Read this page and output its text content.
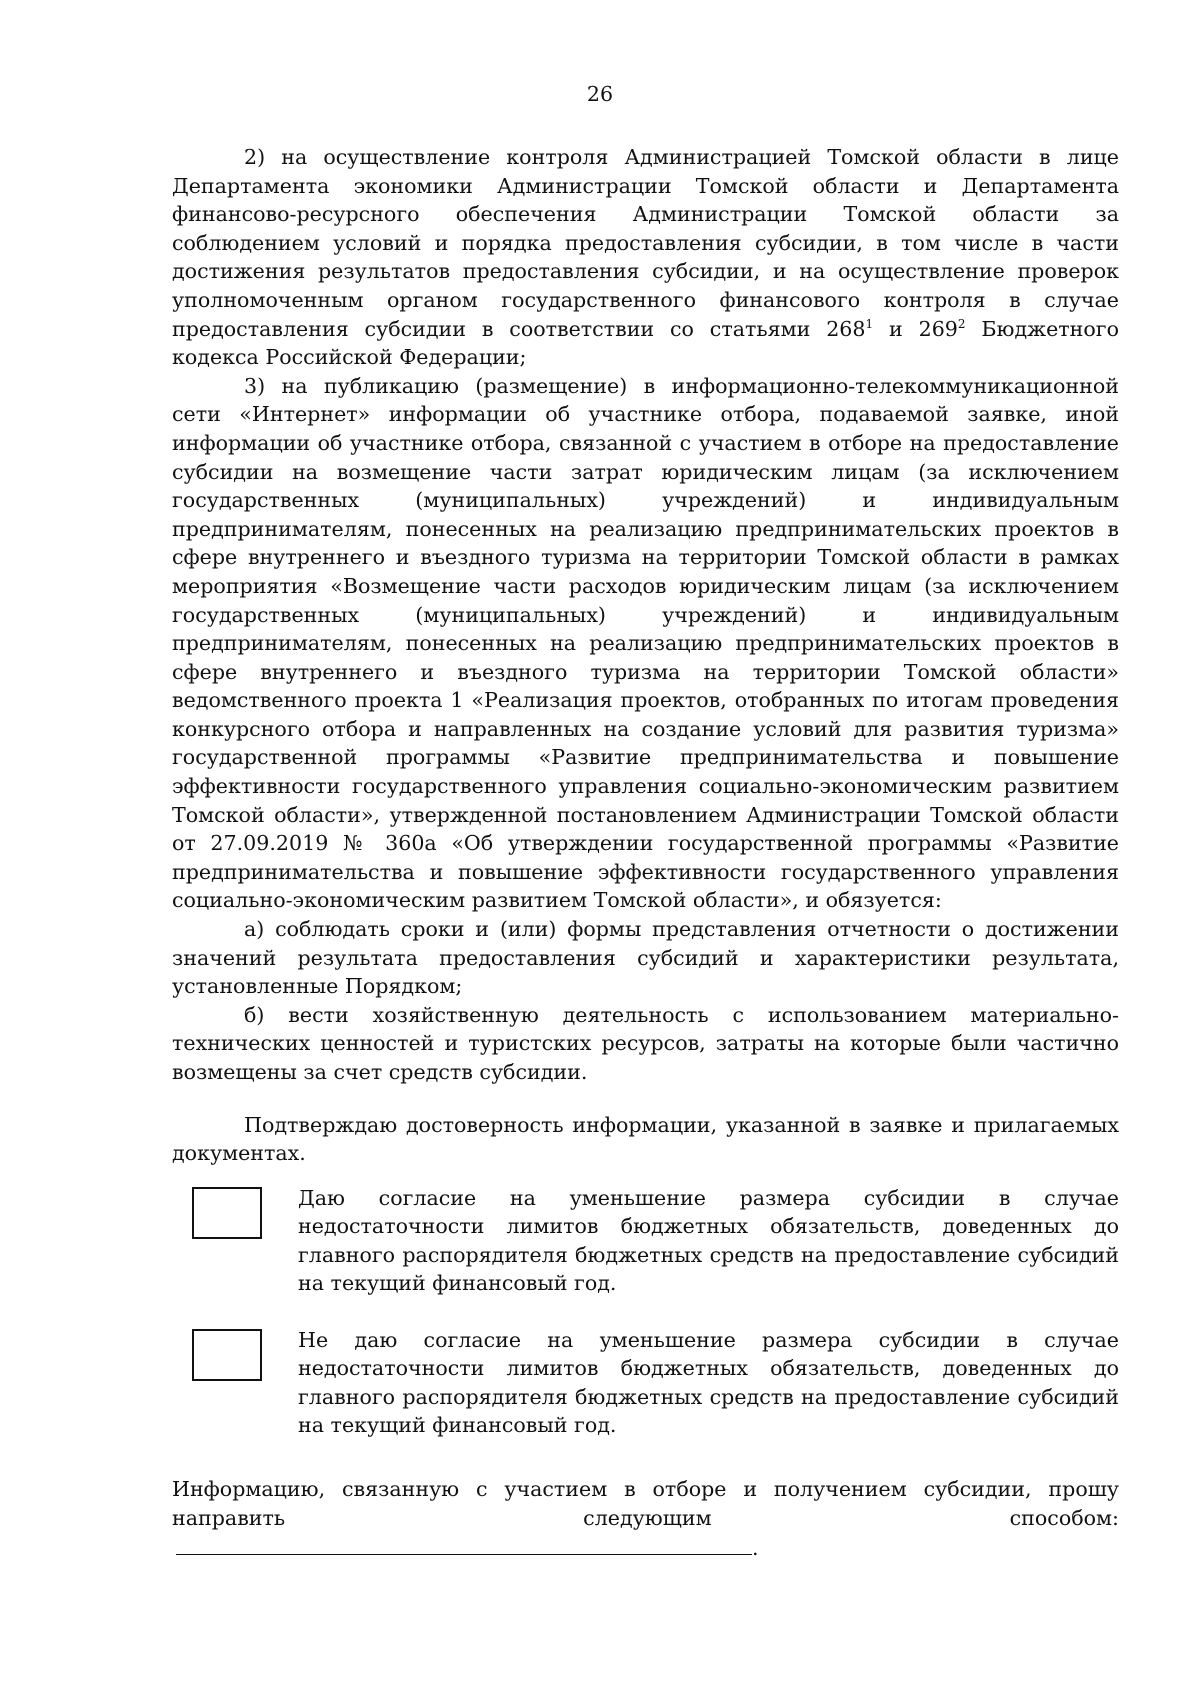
26

2) на осуществление контроля Администрацией Томской области в лице Департамента экономики Администрации Томской области и Департамента финансово-ресурсного обеспечения Администрации Томской области за соблюдением условий и порядка предоставления субсидии, в том числе в части достижения результатов предоставления субсидии, и на осуществление проверок уполномоченным органом государственного финансового контроля в случае предоставления субсидии в соответствии со статьями $268^1$ и $269^2$ Бюджетного кодекса Российской Федерации;

3) на публикацию (размещение) в информационно-телекоммуникационной сети «Интернет» информации об участнике отбора, подаваемой заявке, иной информации об участнике отбора, связанной с участием в отборе на предоставление субсидии на возмещение части затрат юридическим лицам (за исключением государственных (муниципальных) учреждений) и индивидуальным предпринимателям, понесенных на реализацию предпринимательских проектов в сфере внутреннего и въездного туризма на территории Томской области в рамках мероприятия «Возмещение части расходов юридическим лицам (за исключением государственных (муниципальных) учреждений) и индивидуальным предпринимателям, понесенных на реализацию предпринимательских проектов в сфере внутреннего и въездного туризма на территории Томской области» ведомственного проекта 1 «Реализация проектов, отобранных по итогам проведения конкурсного отбора и направленных на создание условий для развития туризма» государственной программы «Развитие предпринимательства и повышение эффективности государственного управления социально-экономическим развитием Томской области», утвержденной постановлением Администрации Томской области от 27.09.2019 № 360а «Об утверждении государственной программы «Развитие предпринимательства и повышение эффективности государственного управления социально-экономическим развитием Томской области», и обязуется:

а) соблюдать сроки и (или) формы представления отчетности о достижении значений результата предоставления субсидий и характеристики результата, установленные Порядком;

б) вести хозяйственную деятельность с использованием материально-технических ценностей и туристских ресурсов, затраты на которые были частично возмещены за счет средств субсидии.

Подтверждаю достоверность информации, указанной в заявке и прилагаемых документах.

Даю согласие на уменьшение размера субсидии в случае недостаточности лимитов бюджетных обязательств, доведенных до главного распорядителя бюджетных средств на предоставление субсидий на текущий финансовый год.
Не даю согласие на уменьшение размера субсидии в случае недостаточности лимитов бюджетных обязательств, доведенных до главного распорядителя бюджетных средств на предоставление субсидий на текущий финансовый год.

Информацию, связанную с участием в отборе и получением субсидии, прошу направить следующим способом: .
